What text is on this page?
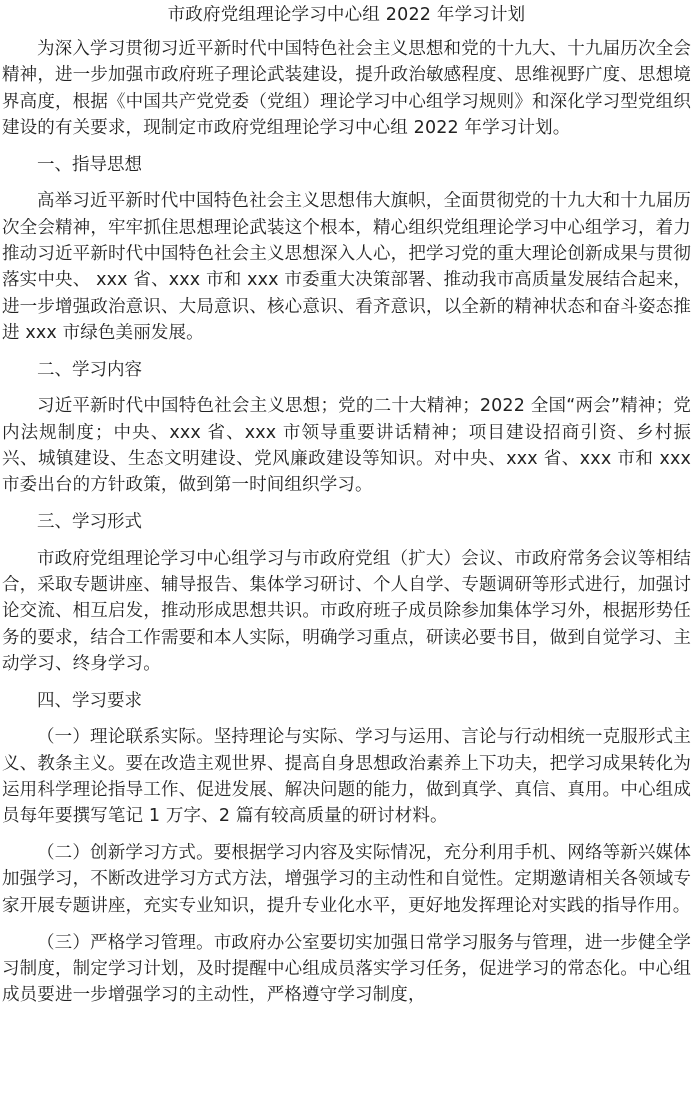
市政府党组理论学习中心组 2022 年学习计划

为深入学习贯彻习近平新时代中国特色社会主义思想和党的十九大、十九届历次全会精神，进一步加强市政府班子理论武装建设，提升政治敏感程度、思维视野广度、思想境界高度，根据《中国共产党党委（党组）理论学习中心组学习规则》和深化学习型党组织建设的有关要求，现制定市政府党组理论学习中心组 2022 年学习计划。

一、指导思想

高举习近平新时代中国特色社会主义思想伟大旗帜，全面贯彻党的十九大和十九届历次全会精神，牢牢抓住思想理论武装这个根本，精心组织党组理论学习中心组学习，着力推动习近平新时代中国特色社会主义思想深入人心，把学习党的重大理论创新成果与贯彻落实中央、 xxx 省、xxx 市和 xxx 市委重大决策部署、推动我市高质量发展结合起来，进一步增强政治意识、大局意识、核心意识、看齐意识，以全新的精神状态和奋斗姿态推进 xxx 市绿色美丽发展。

二、学习内容

习近平新时代中国特色社会主义思想；党的二十大精神；2022 全国“两会”精神；党内法规制度；中央、xxx 省、xxx 市领导重要讲话精神；项目建设招商引资、乡村振兴、城镇建设、生态文明建设、党风廉政建设等知识。对中央、xxx 省、xxx 市和 xxx 市委出台的方针政策，做到第一时间组织学习。

三、学习形式

市政府党组理论学习中心组学习与市政府党组（扩大）会议、市政府常务会议等相结合，采取专题讲座、辅导报告、集体学习研讨、个人自学、专题调研等形式进行，加强讨论交流、相互启发，推动形成思想共识。市政府班子成员除参加集体学习外，根据形势任务的要求，结合工作需要和本人实际，明确学习重点，研读必要书目，做到自觉学习、主动学习、终身学习。

四、学习要求

（一）理论联系实际。坚持理论与实际、学习与运用、言论与行动相统一克服形式主义、教条主义。要在改造主观世界、提高自身思想政治素养上下功夫，把学习成果转化为运用科学理论指导工作、促进发展、解决问题的能力，做到真学、真信、真用。中心组成员每年要撰写笔记 1 万字、2 篇有较高质量的研讨材料。

（二）创新学习方式。要根据学习内容及实际情况，充分利用手机、网络等新兴媒体加强学习，不断改进学习方式方法，增强学习的主动性和自觉性。定期邀请相关各领域专家开展专题讲座，充实专业知识，提升专业化水平，更好地发挥理论对实践的指导作用。

（三）严格学习管理。市政府办公室要切实加强日常学习服务与管理，进一步健全学习制度，制定学习计划，及时提醒中心组成员落实学习任务，促进学习的常态化。中心组成员要进一步增强学习的主动性，严格遵守学习制度，
